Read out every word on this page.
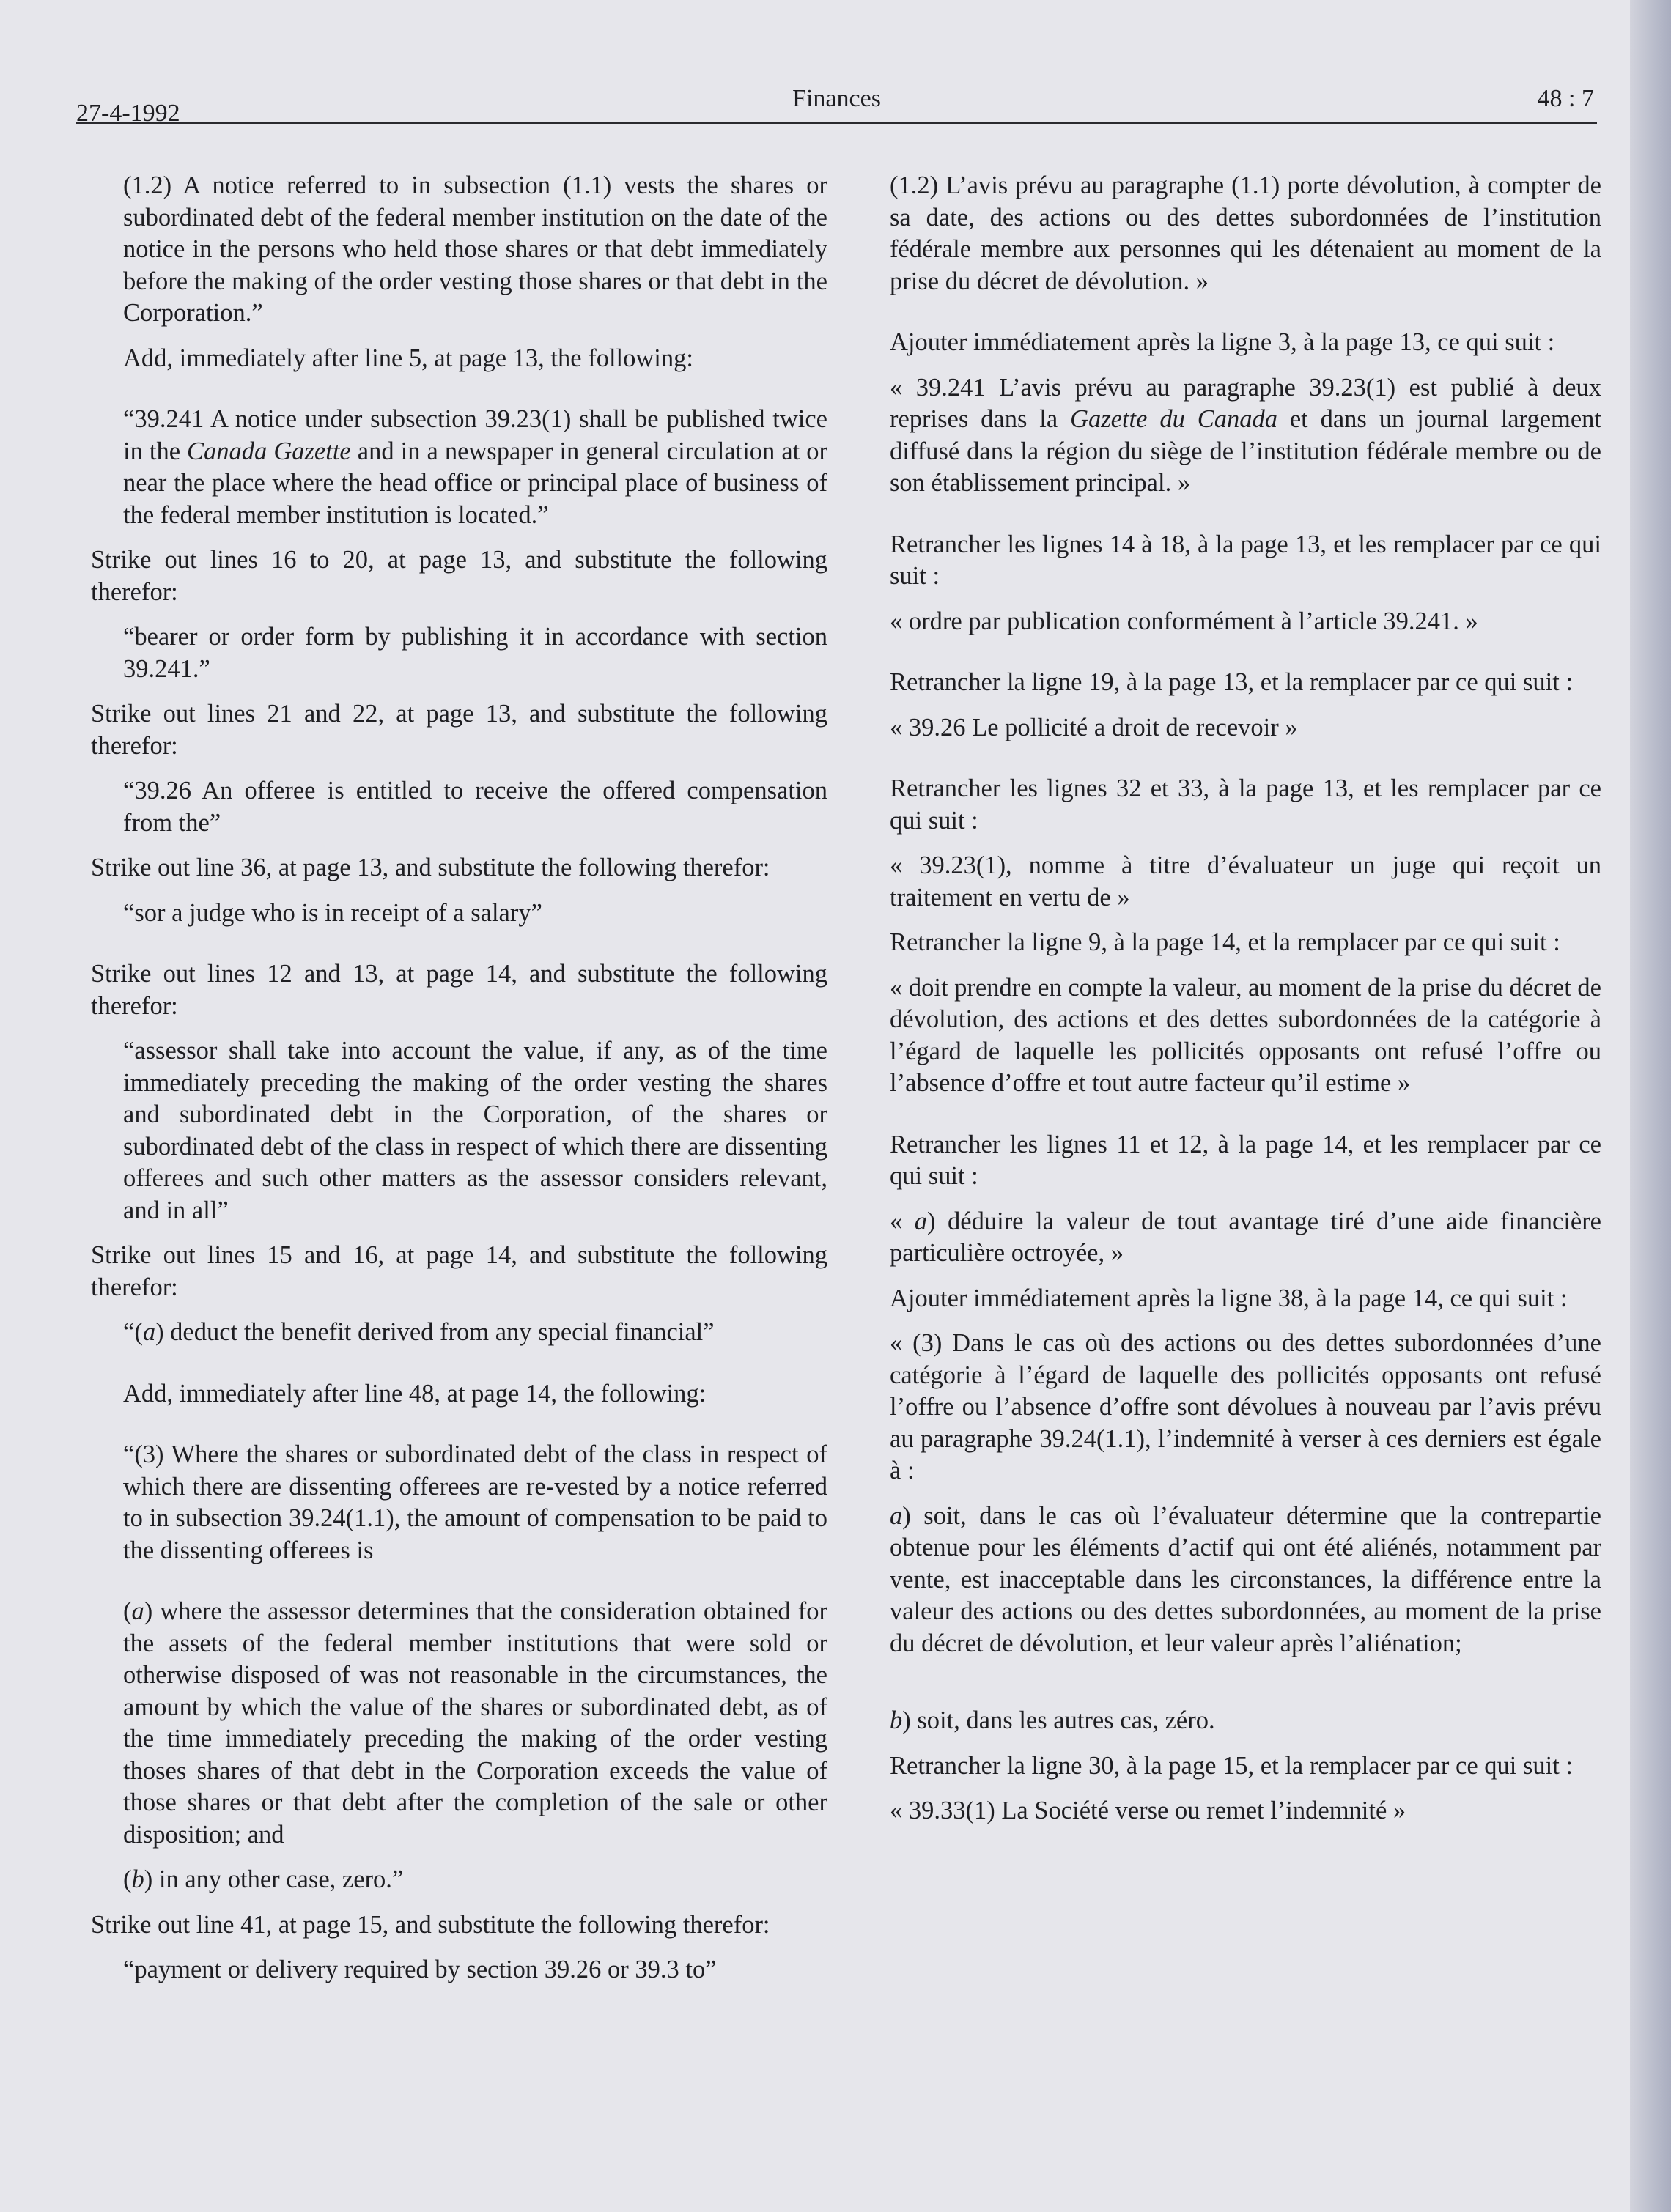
27-4-1992
Finances	48 : 7

(1.2) A notice referred to in subsection (1.1) vests the shares or subordinated debt of the federal member institution on the date of the notice in the persons who held those shares or that debt immediately before the making of the order vesting those shares or that debt in the Corporation.”

Add, immediately after line 5, at page 13, the following:

“39.241 A notice under subsection 39.23(1) shall be published twice in the Canada Gazette and in a newspaper in general circulation at or near the place where the head office or principal place of business of the federal member institution is located.”

Strike out lines 16 to 20, at page 13, and substitute the following therefor:

“bearer or order form by publishing it in accordance with section 39.241.”

Strike out lines 21 and 22, at page 13, and substitute the following therefor:

“39.26 An offeree is entitled to receive the offered compensation from the”

Strike out line 36, at page 13, and substitute the following therefor:

“sor a judge who is in receipt of a salary”

Strike out lines 12 and 13, at page 14, and substitute the following therefor:

“assessor shall take into account the value, if any, as of the time immediately preceding the making of the order vesting the shares and subordinated debt in the Corporation, of the shares or subordinated debt of the class in respect of which there are dissenting offerees and such other matters as the assessor considers relevant, and in all”

Strike out lines 15 and 16, at page 14, and substitute the following therefor:

“(a) deduct the benefit derived from any special financial”

Add, immediately after line 48, at page 14, the following:

“(3) Where the shares or subordinated debt of the class in respect of which there are dissenting offerees are re-vested by a notice referred to in subsection 39.24(1.1), the amount of compensation to be paid to the dissenting offerees is

(a) where the assessor determines that the consideration obtained for the assets of the federal member institutions that were sold or otherwise disposed of was not reasonable in the circumstances, the amount by which the value of the shares or subordinated debt, as of the time immediately preceding the making of the order vesting thoses shares of that debt in the Corporation exceeds the value of those shares or that debt after the completion of the sale or other disposition; and

(b) in any other case, zero.”

Strike out line 41, at page 15, and substitute the following therefor:

“payment or delivery required by section 39.26 or 39.3 to”

(1.2) L’avis prévu au paragraphe (1.1) porte dévolution, à compter de sa date, des actions ou des dettes subordonnées de l’institution fédérale membre aux personnes qui les détenaient au moment de la prise du décret de dévolution. »

Ajouter immédiatement après la ligne 3, à la page 13, ce qui suit :

« 39.241 L’avis prévu au paragraphe 39.23(1) est publié à deux reprises dans la Gazette du Canada et dans un journal largement diffusé dans la région du siège de l’institution fédérale membre ou de son établissement principal. »

Retrancher les lignes 14 à 18, à la page 13, et les remplacer par ce qui suit :

« ordre par publication conformément à l’article 39.241. »

Retrancher la ligne 19, à la page 13, et la remplacer par ce qui suit :

« 39.26 Le pollicité a droit de recevoir »

Retrancher les lignes 32 et 33, à la page 13, et les remplacer par ce qui suit :

« 39.23(1), nomme à titre d’évaluateur un juge qui reçoit un traitement en vertu de »

Retrancher la ligne 9, à la page 14, et la remplacer par ce qui suit :

« doit prendre en compte la valeur, au moment de la prise du décret de dévolution, des actions et des dettes subordonnées de la catégorie à l’égard de laquelle les pollicités opposants ont refusé l’offre ou l’absence d’offre et tout autre facteur qu’il estime »

Retrancher les lignes 11 et 12, à la page 14, et les remplacer par ce qui suit :

« a) déduire la valeur de tout avantage tiré d’une aide financière particulière octroyée, »

Ajouter immédiatement après la ligne 38, à la page 14, ce qui suit :

« (3) Dans le cas où des actions ou des dettes subordonnées d’une catégorie à l’égard de laquelle des pollicités opposants ont refusé l’offre ou l’absence d’offre sont dévolues à nouveau par l’avis prévu au paragraphe 39.24(1.1), l’indemnité à verser à ces derniers est égale à :

a) soit, dans le cas où l’évaluateur détermine que la contrepartie obtenue pour les éléments d’actif qui ont été aliénés, notamment par vente, est inacceptable dans les circonstances, la différence entre la valeur des actions ou des dettes subordonnées, au moment de la prise du décret de dévolution, et leur valeur après l’aliénation;

b) soit, dans les autres cas, zéro.

Retrancher la ligne 30, à la page 15, et la remplacer par ce qui suit :

« 39.33(1) La Société verse ou remet l’indemnité »
